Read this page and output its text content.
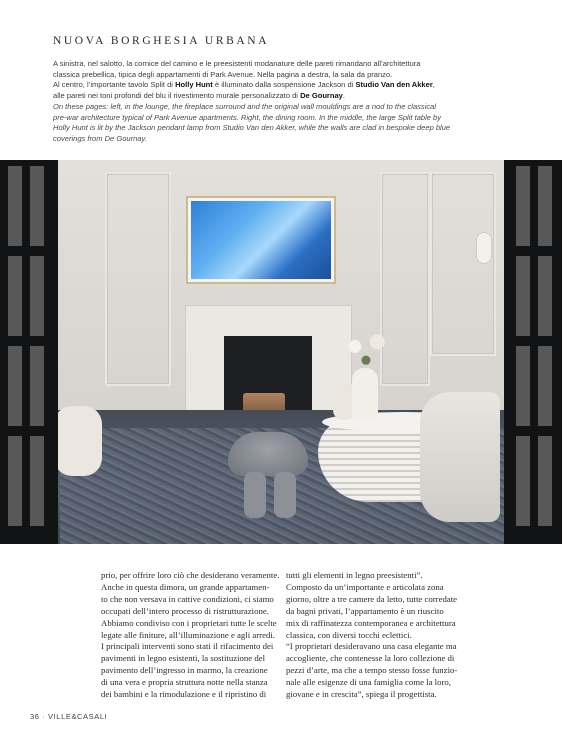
NUOVA BORGHESIA URBANA

A sinistra, nel salotto, la cornice del camino e le preesistenti modanature delle pareti rimandano all’architettura

classica prebellica, tipica degli appartamenti di Park Avenue. Nella pagina a destra, la sala da pranzo.

Al centro, l’importante tavolo Split di Holly Hunt è illuminato dalla sospensione Jackson di Studio Van den Akker,

alle pareti nei toni profondi del blu il rivestimento murale personalizzato di De Gournay.

On these pages: left, in the lounge, the fireplace surround and the original wall mouldings are a nod to the classical

pre-war architecture typical of Park Avenue apartments. Right, the dining room. In the middle, the large Split table by

Holly Hunt is lit by the Jackson pendant lamp from Studio Van den Akker, while the walls are clad in bespoke deep blue

coverings from De Gournay.

prio, per offrire loro ciò che desiderano veramente.
Anche in questa dimora, un grande appartamen-
to che non versava in cattive condizioni, ci siamo
occupati dell’intero processo di ristrutturazione.
Abbiamo condiviso con i proprietari tutte le scelte
legate alle finiture, all’illuminazione e agli arredi.
I principali interventi sono stati il rifacimento dei
pavimenti in legno esistenti, la sostituzione del
pavimento dell’ingresso in marmo, la creazione
di una vera e propria struttura notte nella stanza
dei bambini e la rimodulazione e il ripristino di
tutti gli elementi in legno preesistenti”.
Composto da un’importante e articolata zona
giorno, oltre a tre camere da letto, tutte corredate
da bagni privati, l’appartamento è un riuscito
mix di raffinatezza contemporanea e architettura
classica, con diversi tocchi eclettici.
“I proprietari desideravano una casa elegante ma
accogliente, che contenesse la loro collezione di
pezzi d’arte, ma che a tempo stesso fosse funzio-
nale alle esigenze di una famiglia come la loro,
giovane e in crescita”, spiega il progettista.
36 · VILLE&CASALI
